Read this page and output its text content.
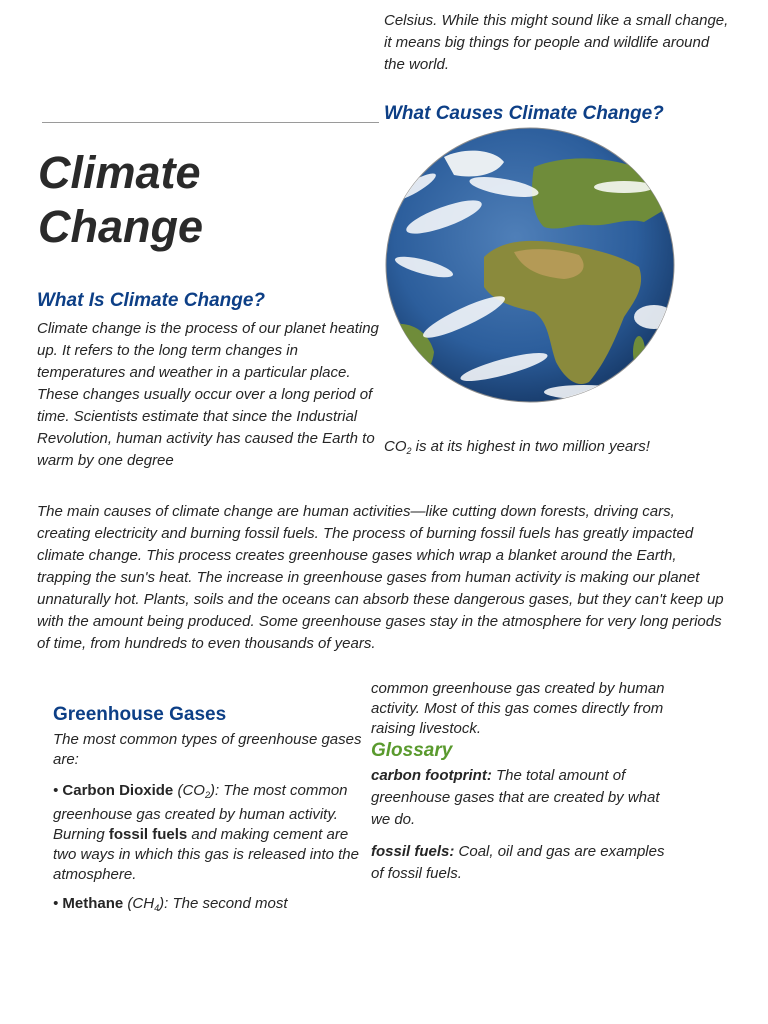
Celsius. While this might sound like a small change, it means big things for people and wildlife around the world.
What Causes Climate Change?
Climate
Change
What Is Climate Change?
Climate change is the process of our planet heating up. It refers to the long term changes in temperatures and weather in a particular place. These changes usually occur over a long period of time. Scientists estimate that since the Industrial Revolution, human activity has caused the Earth to warm by one degree
$CO_2$ is at its highest in two million years!
The main causes of climate change are human activities—like cutting down forests, driving cars, creating electricity and burning fossil fuels. The process of burning fossil fuels has greatly impacted climate change. This process creates greenhouse gases which wrap a blanket around the Earth, trapping the sun's heat. The increase in greenhouse gases from human activity is making our planet unnaturally hot. Plants, soils and the oceans can absorb these dangerous gases, but they can't keep up with the amount being produced. Some greenhouse gases stay in the atmosphere for very long periods of time, from hundreds to even thousands of years.
Greenhouse Gases
The most common types of greenhouse gases are:
• Carbon Dioxide $(CO_2)$: The most common greenhouse gas created by human activity. Burning fossil fuels and making cement are two ways in which this gas is released into the atmosphere.
• Methane $(CH_4)$: The second most
common greenhouse gas created by human activity. Most of this gas comes directly from raising livestock.
Glossary
carbon footprint: The total amount of greenhouse gases that are created by what we do.
fossil fuels: Coal, oil and gas are examples of fossil fuels.
